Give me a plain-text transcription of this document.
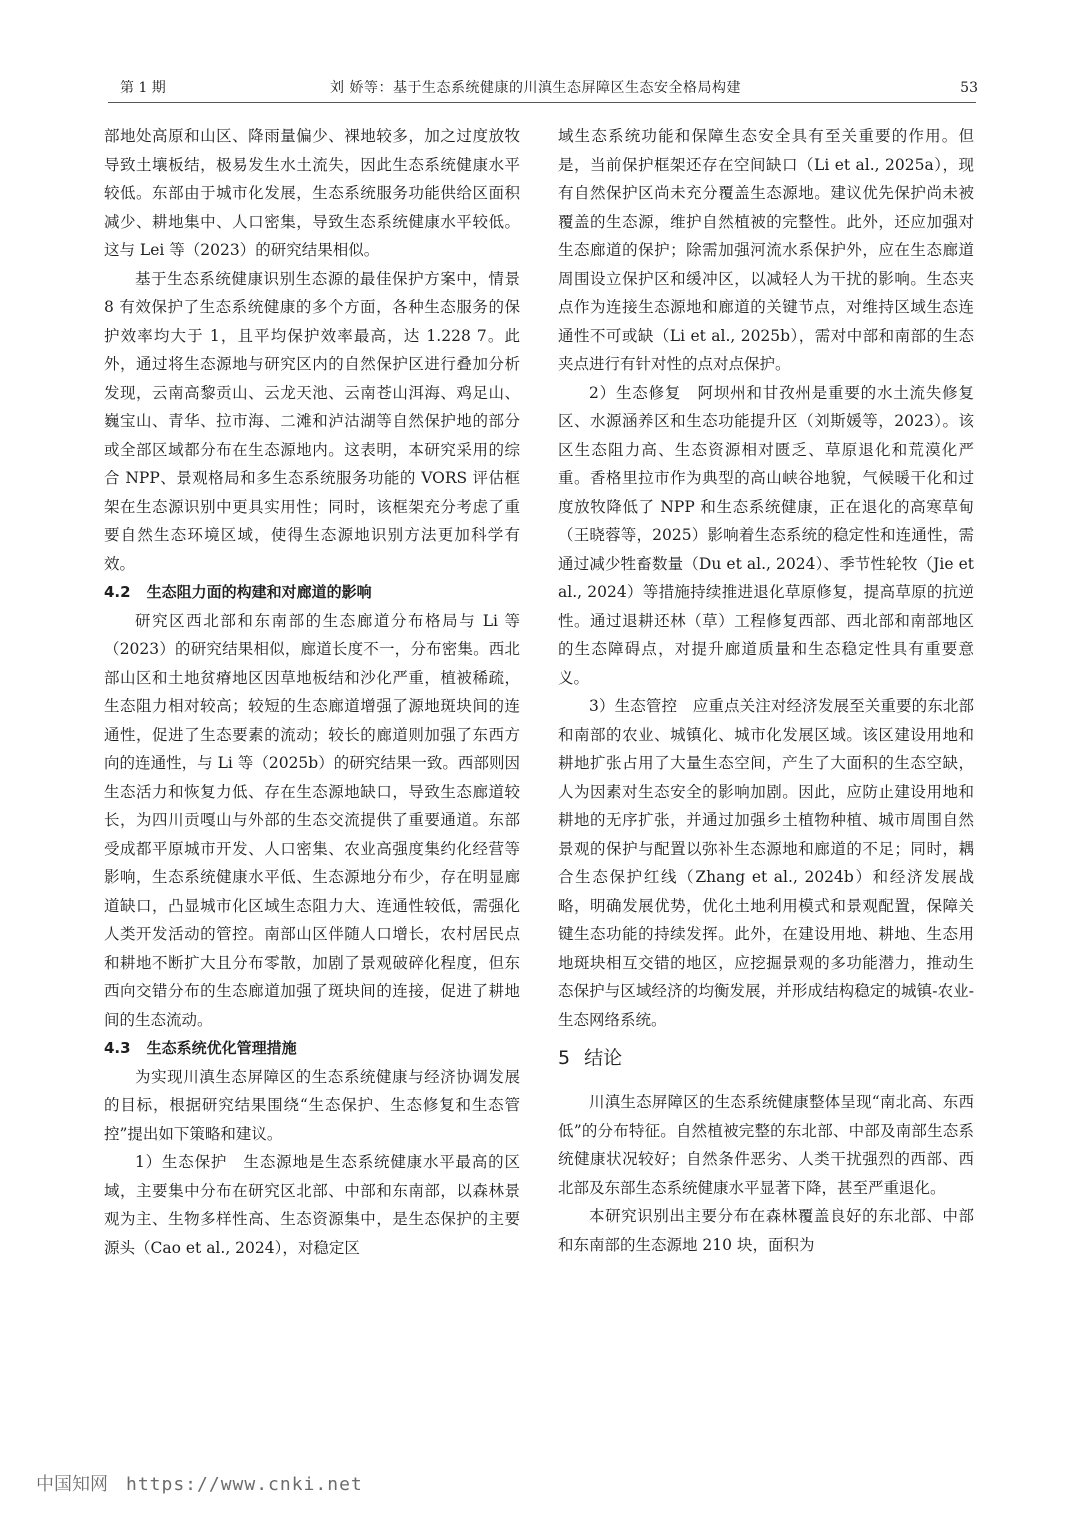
第 1 期	刘 娇等：基于生态系统健康的川滇生态屏障区生态安全格局构建	53

部地处高原和山区、降雨量偏少、裸地较多，加之过度放牧导致土壤板结，极易发生水土流失，因此生态系统健康水平较低。东部由于城市化发展，生态系统服务功能供给区面积减少、耕地集中、人口密集，导致生态系统健康水平较低。这与 Lei 等（2023）的研究结果相似。

基于生态系统健康识别生态源的最佳保护方案中，情景 8 有效保护了生态系统健康的多个方面，各种生态服务的保护效率均大于 1，且平均保护效率最高，达 1.228 7。此外，通过将生态源地与研究区内的自然保护区进行叠加分析发现，云南高黎贡山、云龙天池、云南苍山洱海、鸡足山、巍宝山、青华、拉市海、二滩和泸沽湖等自然保护地的部分或全部区域都分布在生态源地内。这表明，本研究采用的综合 NPP、景观格局和多生态系统服务功能的 VORS 评估框架在生态源识别中更具实用性；同时，该框架充分考虑了重要自然生态环境区域，使得生态源地识别方法更加科学有效。

4.2 生态阻力面的构建和对廊道的影响

研究区西北部和东南部的生态廊道分布格局与 Li 等（2023）的研究结果相似，廊道长度不一，分布密集。西北部山区和土地贫瘠地区因草地板结和沙化严重，植被稀疏，生态阻力相对较高；较短的生态廊道增强了源地斑块间的连通性，促进了生态要素的流动；较长的廊道则加强了东西方向的连通性，与 Li 等（2025b）的研究结果一致。西部则因生态活力和恢复力低、存在生态源地缺口，导致生态廊道较长，为四川贡嘎山与外部的生态交流提供了重要通道。东部受成都平原城市开发、人口密集、农业高强度集约化经营等影响，生态系统健康水平低、生态源地分布少，存在明显廊道缺口，凸显城市化区域生态阻力大、连通性较低，需强化人类开发活动的管控。南部山区伴随人口增长，农村居民点和耕地不断扩大且分布零散，加剧了景观破碎化程度，但东西向交错分布的生态廊道加强了斑块间的连接，促进了耕地间的生态流动。

4.3 生态系统优化管理措施

为实现川滇生态屏障区的生态系统健康与经济协调发展的目标，根据研究结果围绕“生态保护、生态修复和生态管控”提出如下策略和建议。

1）生态保护　生态源地是生态系统健康水平最高的区域，主要集中分布在研究区北部、中部和东南部，以森林景观为主、生物多样性高、生态资源集中，是生态保护的主要源头（Cao et al., 2024），对稳定区

域生态系统功能和保障生态安全具有至关重要的作用。但是，当前保护框架还存在空间缺口（Li et al., 2025a），现有自然保护区尚未充分覆盖生态源地。建议优先保护尚未被覆盖的生态源，维护自然植被的完整性。此外，还应加强对生态廊道的保护；除需加强河流水系保护外，应在生态廊道周围设立保护区和缓冲区，以减轻人为干扰的影响。生态夹点作为连接生态源地和廊道的关键节点，对维持区域生态连通性不可或缺（Li et al., 2025b），需对中部和南部的生态夹点进行有针对性的点对点保护。

2）生态修复　阿坝州和甘孜州是重要的水土流失修复区、水源涵养区和生态功能提升区（刘斯媛等，2023）。该区生态阻力高、生态资源相对匮乏、草原退化和荒漠化严重。香格里拉市作为典型的高山峡谷地貌，气候暖干化和过度放牧降低了 NPP 和生态系统健康，正在退化的高寒草甸（王晓蓉等，2025）影响着生态系统的稳定性和连通性，需通过减少牲畜数量（Du et al., 2024）、季节性轮牧（Jie et al., 2024）等措施持续推进退化草原修复，提高草原的抗逆性。通过退耕还林（草）工程修复西部、西北部和南部地区的生态障碍点，对提升廊道质量和生态稳定性具有重要意义。

3）生态管控　应重点关注对经济发展至关重要的东北部和南部的农业、城镇化、城市化发展区域。该区建设用地和耕地扩张占用了大量生态空间，产生了大面积的生态空缺，人为因素对生态安全的影响加剧。因此，应防止建设用地和耕地的无序扩张，并通过加强乡土植物种植、城市周围自然景观的保护与配置以弥补生态源地和廊道的不足；同时，耦合生态保护红线（Zhang et al., 2024b）和经济发展战略，明确发展优势，优化土地利用模式和景观配置，保障关键生态功能的持续发挥。此外，在建设用地、耕地、生态用地斑块相互交错的地区，应挖掘景观的多功能潜力，推动生态保护与区域经济的均衡发展，并形成结构稳定的城镇-农业-生态网络系统。

5 结论

川滇生态屏障区的生态系统健康整体呈现“南北高、东西低”的分布特征。自然植被完整的东北部、中部及南部生态系统健康状况较好；自然条件恶劣、人类干扰强烈的西部、西北部及东部生态系统健康水平显著下降，甚至严重退化。

本研究识别出主要分布在森林覆盖良好的东北部、中部和东南部的生态源地 210 块，面积为

中国知网 https://www.cnki.net
